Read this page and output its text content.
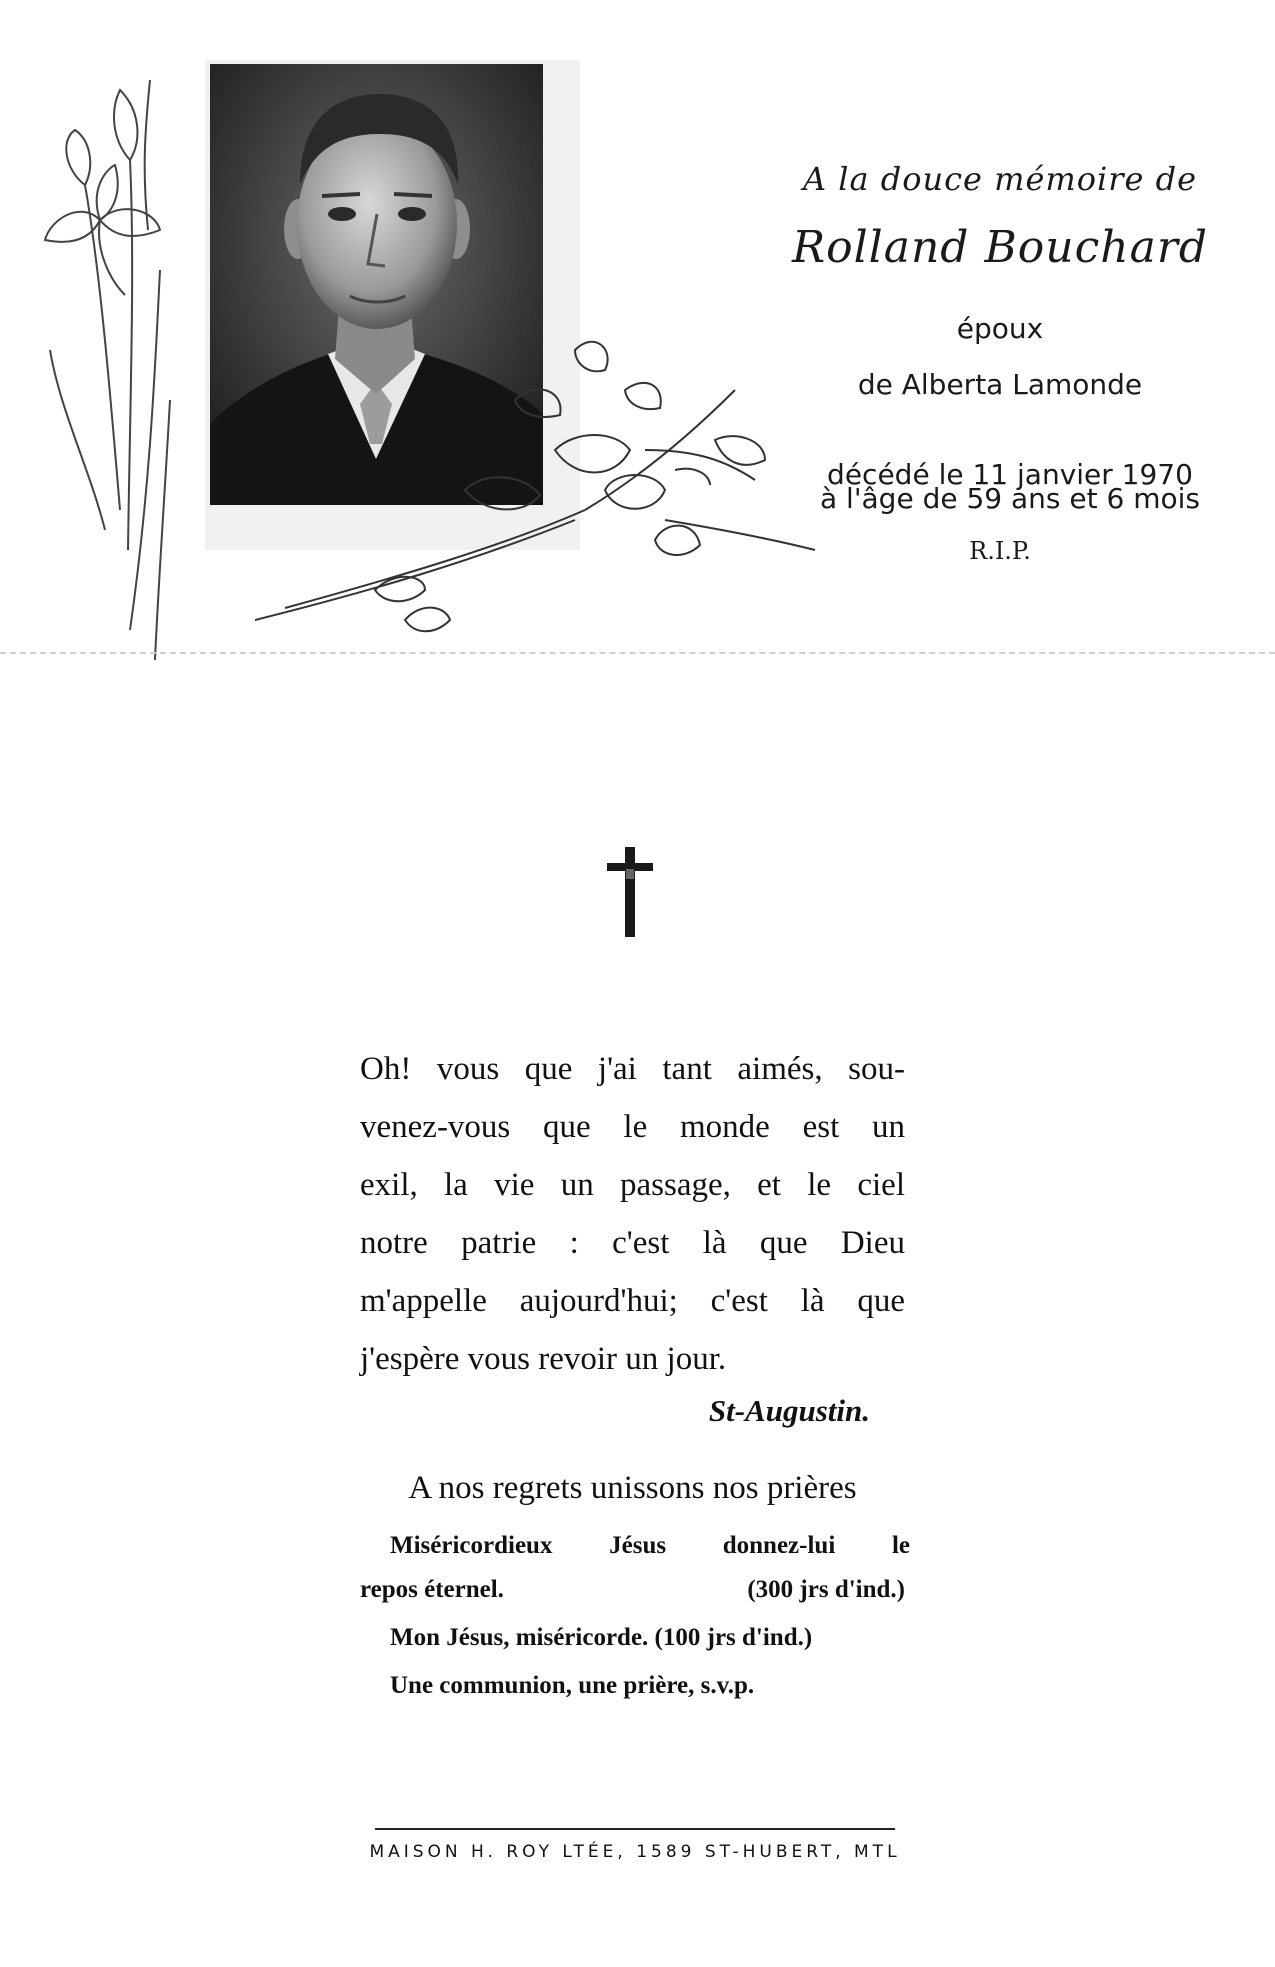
A la douce mémoire de
Rolland Bouchard
époux
de Alberta Lamonde
décédé le 11 janvier 1970
à l'âge de 59 ans et 6 mois
R.I.P.
Oh! vous que j'ai tant aimés, sou-
venez-vous que le monde est un
exil, la vie un passage, et le ciel
notre patrie : c'est là que Dieu
m'appelle aujourd'hui; c'est là que
j'espère vous revoir un jour.
St-Augustin.
A nos regrets unissons nos prières
Miséricordieux Jésus donnez-lui le
repos éternel.	(300 jrs d'ind.)
Mon Jésus, miséricorde. (100 jrs d'ind.)
Une communion, une prière, s.v.p.
MAISON H. ROY LTÉE, 1589 ST-HUBERT, MTL
